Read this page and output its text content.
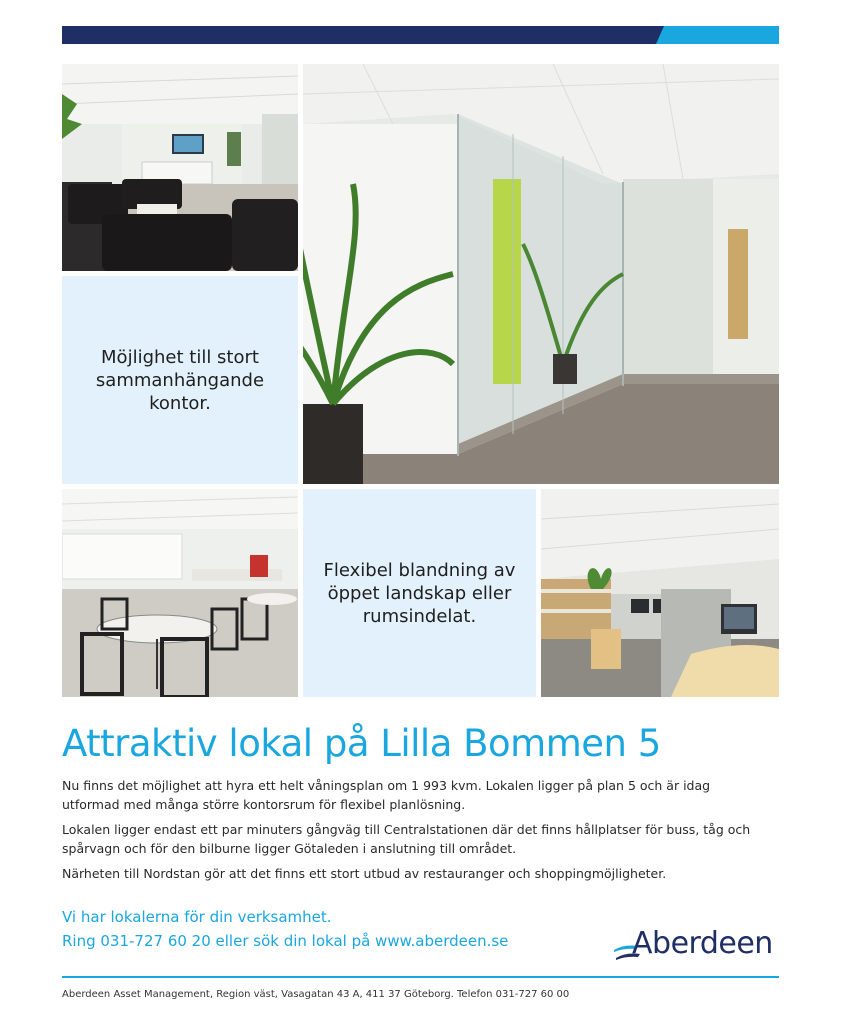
Möjlighet till stort
sammanhängande
kontor.

Flexibel blandning av
öppet landskap eller
rumsindelat.

Attraktiv lokal på Lilla Bommen 5

Nu finns det möjlighet att hyra ett helt våningsplan om 1 993 kvm. Lokalen ligger på plan 5 och är idag utformad med många större kontorsrum för flexibel planlösning.

Lokalen ligger endast ett par minuters gångväg till Centralstationen där det finns hållplatser för buss, tåg och spårvagn och för den bilburne ligger Götaleden i anslutning till området.

Närheten till Nordstan gör att det finns ett stort utbud av restauranger och shoppingmöjligheter.

Vi har lokalerna för din verksamhet.
Ring 031-727 60 20 eller sök din lokal på www.aberdeen.se	Aberdeen
Aberdeen Asset Management, Region väst, Vasagatan 43 A, 411 37 Göteborg. Telefon 031-727 60 00
